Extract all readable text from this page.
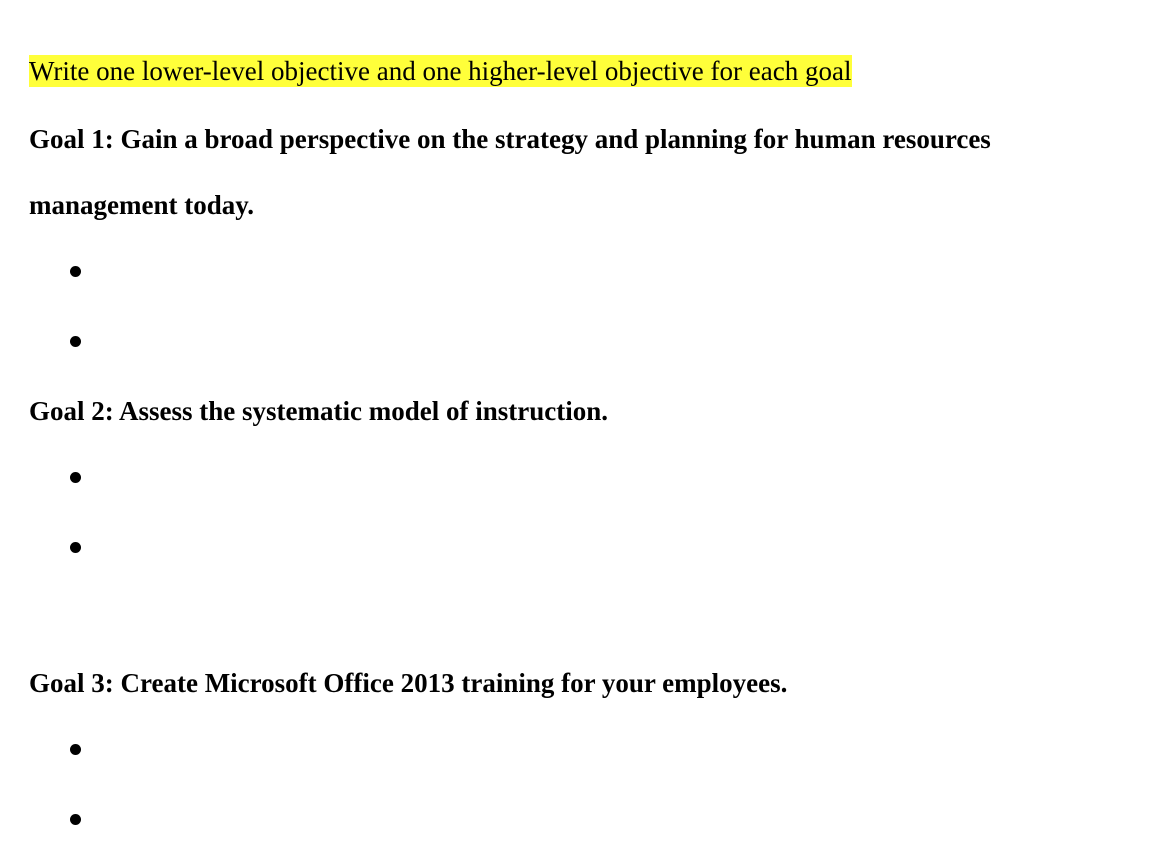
Write one lower-level objective and one higher-level objective for each goal

Goal 1: Gain a broad perspective on the strategy and planning for human resources management today.

Goal 2: Assess the systematic model of instruction.

Goal 3: Create Microsoft Office 2013 training for your employees.
